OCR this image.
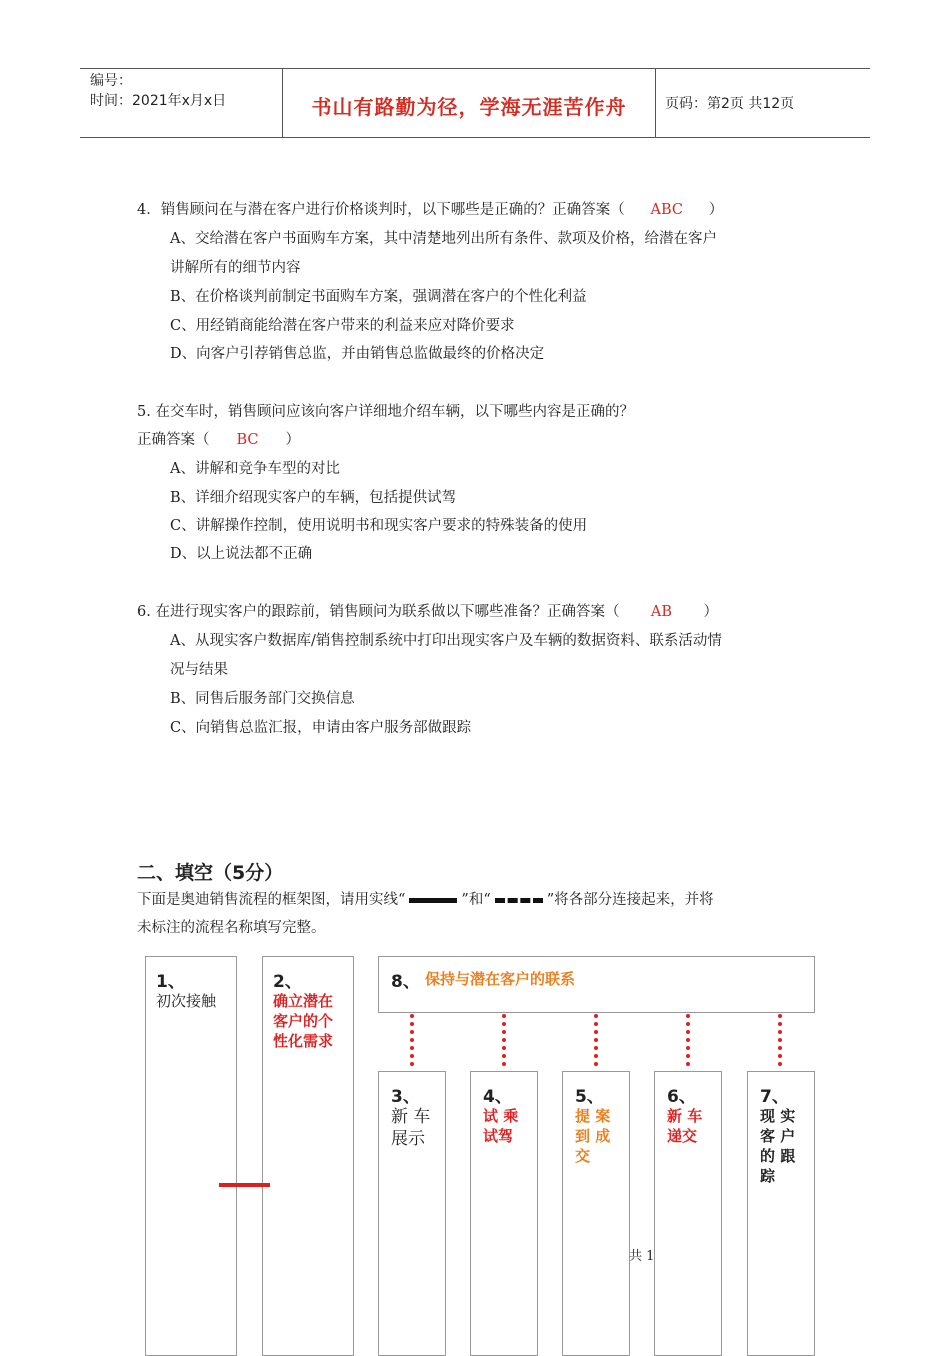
编号：
时间：2021年x月x日	书山有路勤为径，学海无涯苦作舟	页码：第2页 共12页
4．销售顾问在与潜在客户进行价格谈判时，以下哪些是正确的？正确答案（ ABC ）
A、交给潜在客户书面购车方案，其中清楚地列出所有条件、款项及价格，给潜在客户
讲解所有的细节内容
B、在价格谈判前制定书面购车方案，强调潜在客户的个性化利益
C、用经销商能给潜在客户带来的利益来应对降价要求
D、向客户引荐销售总监，并由销售总监做最终的价格决定
5. 在交车时，销售顾问应该向客户详细地介绍车辆，以下哪些内容是正确的？
正确答案（ BC ）
A、讲解和竞争车型的对比
B、详细介绍现实客户的车辆，包括提供试驾
C、讲解操作控制，使用说明书和现实客户要求的特殊装备的使用
D、以上说法都不正确
6. 在进行现实客户的跟踪前，销售顾问为联系做以下哪些准备？正确答案（ AB ）
A、从现实客户数据库/销售控制系统中打印出现实客户及车辆的数据资料、联系活动情
况与结果
B、同售后服务部门交换信息
C、向销售总监汇报，申请由客户服务部做跟踪
二、填空（5分）
下面是奥迪销售流程的框架图，请用实线“	”和“	”将各部分连接起来，并将
未标注的流程名称填写完整。
1、
初次接触
2、
确立潜在
客户的个
性化需求
8、 保持与潜在客户的联系
3、
新 车
展示
4、
试 乘
试驾
5、
提 案
到 成
交
6、
新 车
递交
7、
现 实
客 户
的 跟
踪
共 1
